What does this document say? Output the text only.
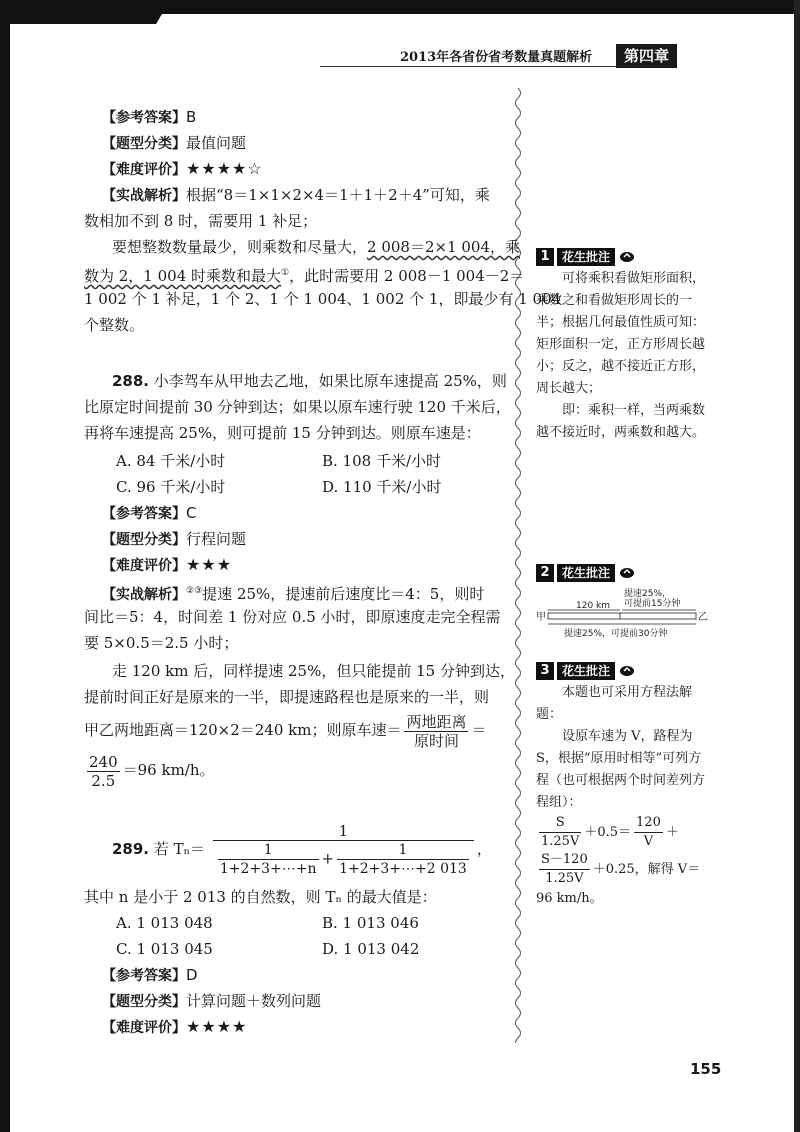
2013年各省份省考数量真题解析	第四章
【参考答案】B
【题型分类】最值问题
【难度评价】★★★★☆
【实战解析】根据“8＝1×1×2×4＝1＋1＋2＋4”可知，乘
数相加不到 8 时，需要用 1 补足；
要想整数数量最少，则乘数和尽量大，2 008＝2×1 004，乘
数为 2，1 004 时乘数和最大①，此时需要用 2 008－1 004－2＝
1 002 个 1 补足，1 个 2、1 个 1 004、1 002 个 1，即最少有 1 004
个整数。
288. 小李驾车从甲地去乙地，如果比原车速提高 25%，则
比原定时间提前 30 分钟到达；如果以原车速行驶 120 千米后，
再将车速提高 25%，则可提前 15 分钟到达。则原车速是：
A. 84 千米/小时	B. 108 千米/小时
C. 96 千米/小时	D. 110 千米/小时
【参考答案】C
【题型分类】行程问题
【难度评价】★★★
【实战解析】②③提速 25%，提速前后速度比＝4：5，则时
间比＝5：4，时间差 1 份对应 0.5 小时，即原速度走完全程需
要 5×0.5＝2.5 小时；
走 120 km 后，同样提速 25%，但只能提前 15 分钟到达，
提前时间正好是原来的一半，即提速路程也是原来的一半，则
甲乙两地距离＝120×2＝240 km；则原车速＝ $\frac{\text{两地距离}}{\text{原时间}}$ ＝
$\frac{240}{2.5} =96$ km/h。
289. 若 $T_n= \frac{1}{\frac{1}{1+2+3+\cdots+n} + \frac{1}{1+2+3+\cdots+2 013}}$ ，
其中 n 是小于 2 013 的自然数，则 Tₙ 的最大值是：
A. 1 013 048	B. 1 013 046
C. 1 013 045	D. 1 013 042
【参考答案】D
【题型分类】计算问题＋数列问题
【难度评价】★★★★
1	花生批注

可将乘积看做矩形面积，乘数之和看做矩形周长的一半；根据几何最值性质可知：矩形面积一定，正方形周长越小；反之，越不接近正方形，周长越大；

即：乘积一样，当两乘数越不接近时，两乘数和越大。

2	花生批注
提速25%，
可提前15分钟
120 km
甲	乙
提速25%，可提前30分钟
3	花生批注

本题也可采用方程法解题：

设原车速为 V，路程为 S，根据“原用时相等”可列方程（也可根据两个时间差列方程组）：

$\frac{S}{1.25V} +0.5= \frac{120}{V}$ ＋
$\frac{S-120}{1.25V} +0.25$，解得 V＝
96 km/h。
155
